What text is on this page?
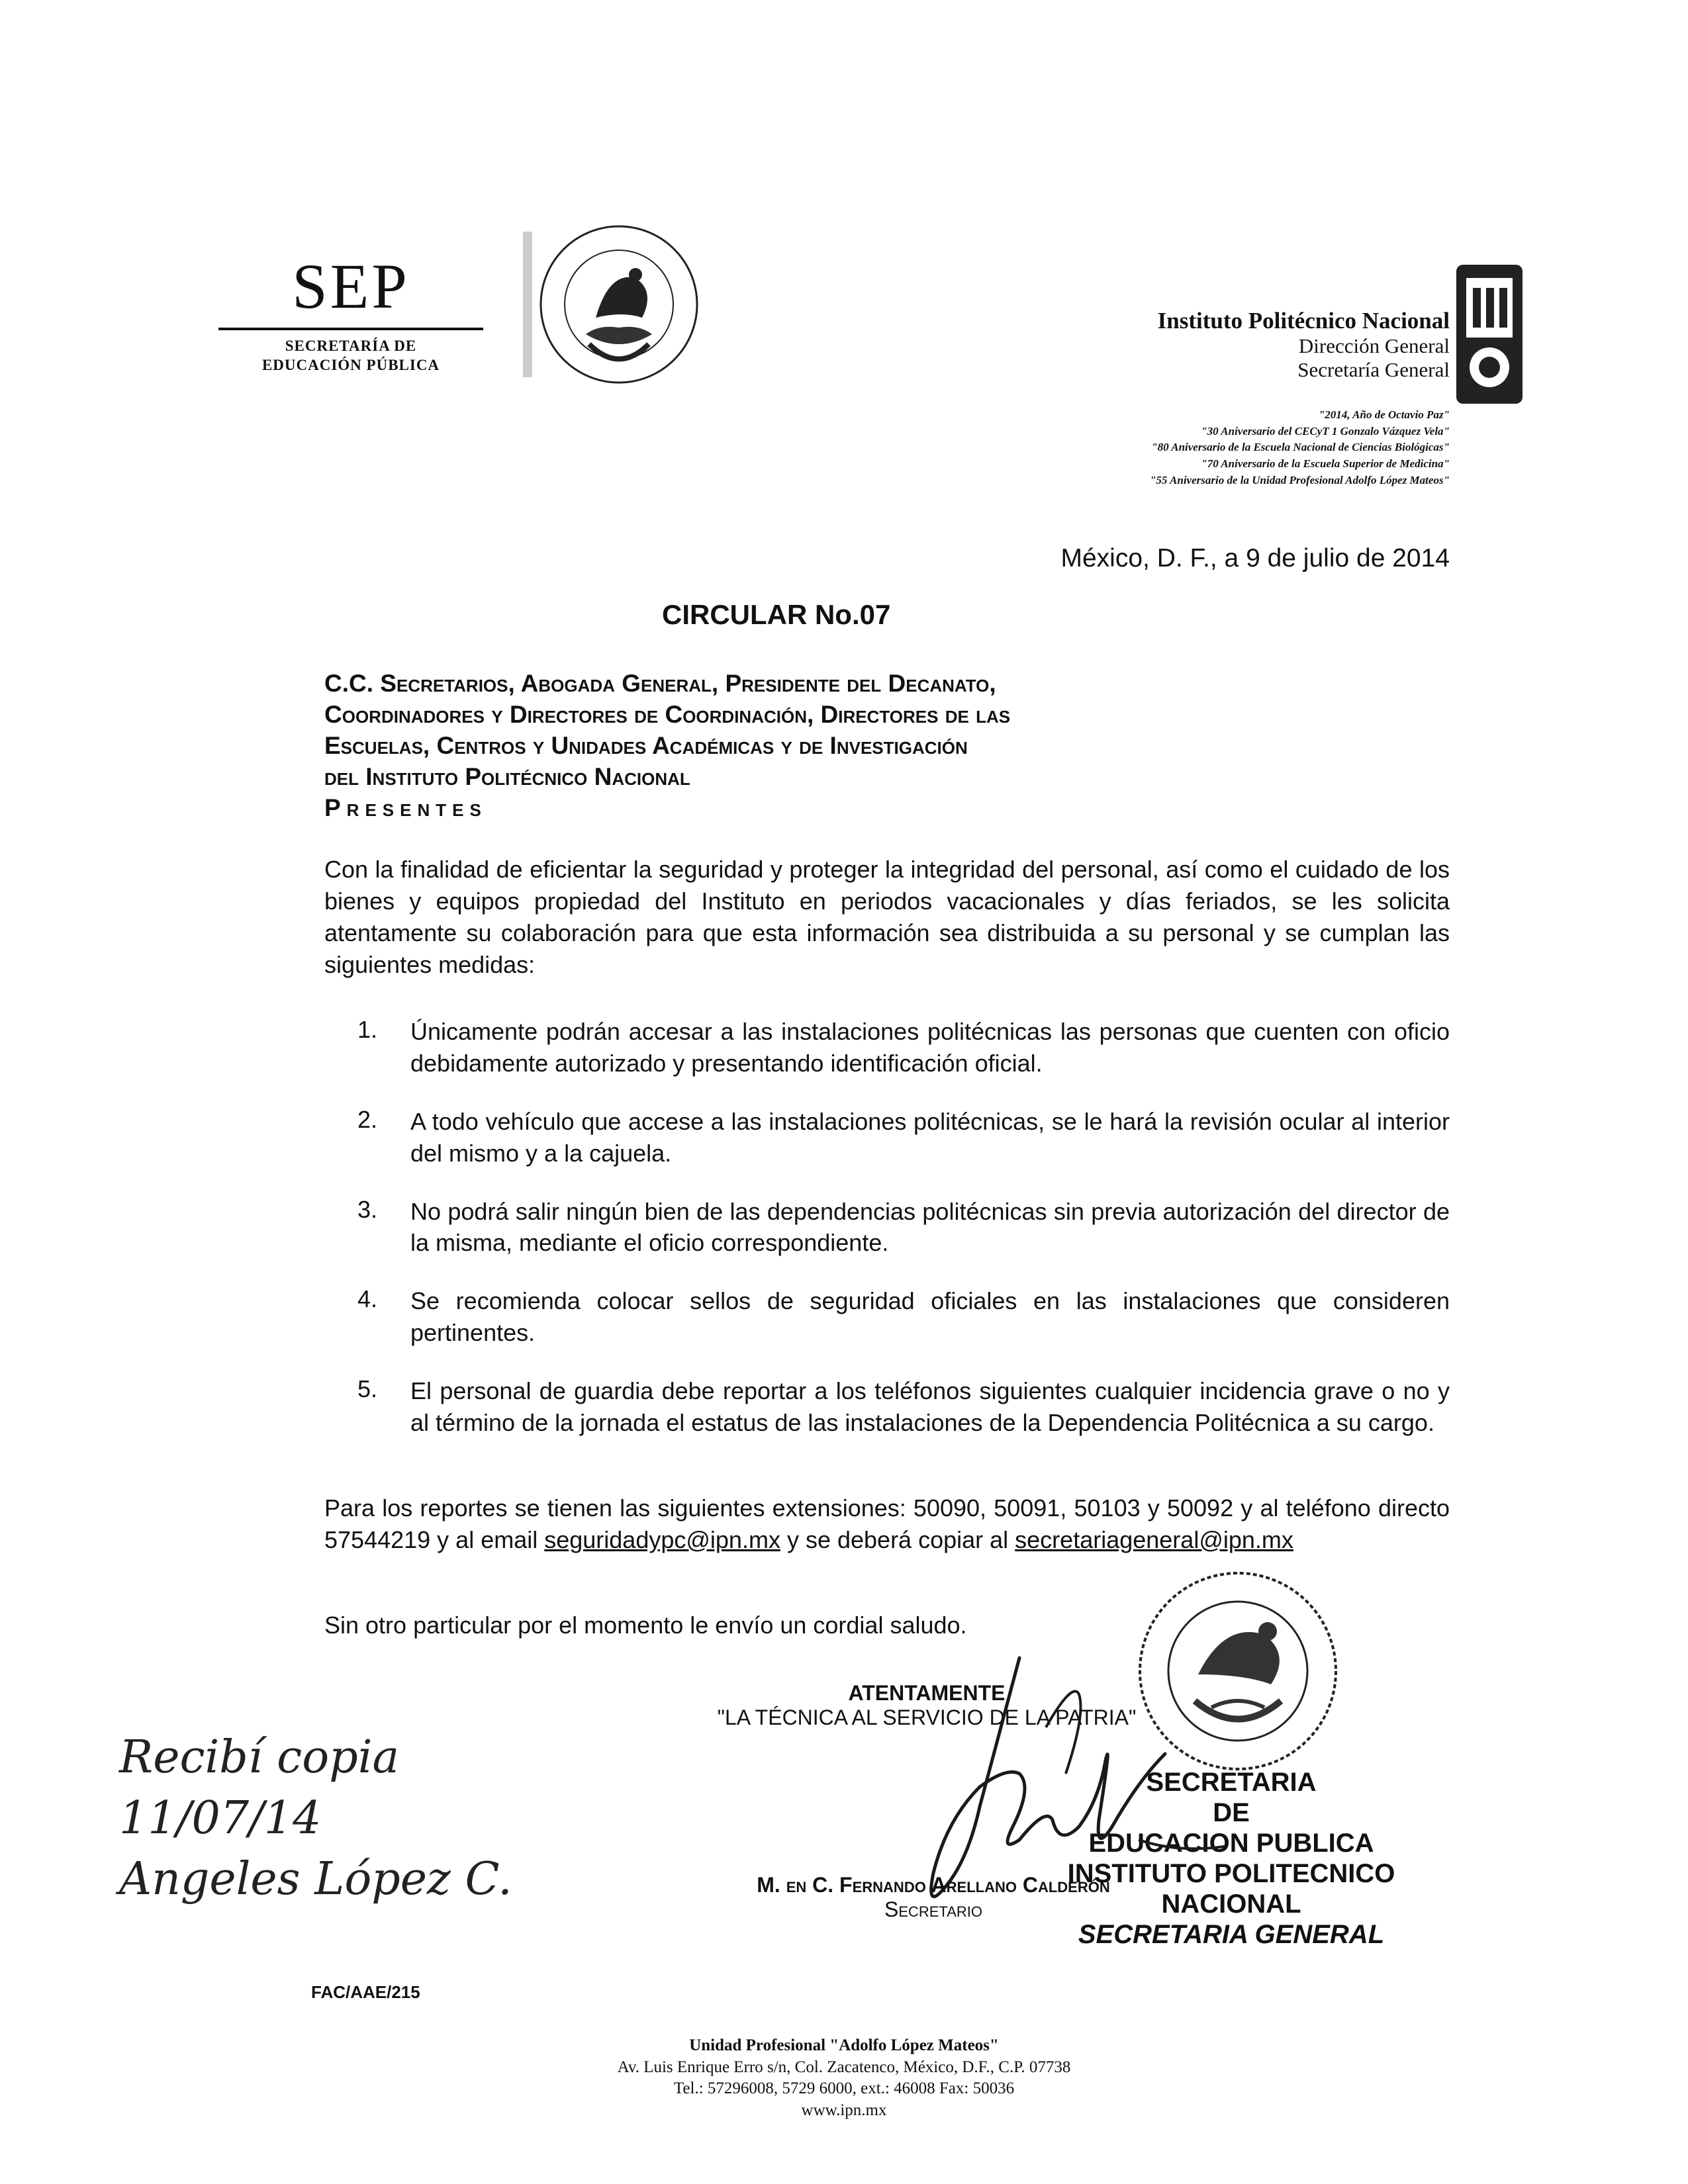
SEP
SECRETARÍA DE
EDUCACIÓN PÚBLICA
Instituto Politécnico Nacional
Dirección General
Secretaría General
"2014, Año de Octavio Paz"
"30 Aniversario del CECyT 1 Gonzalo Vázquez Vela"
"80 Aniversario de la Escuela Nacional de Ciencias Biológicas"
"70 Aniversario de la Escuela Superior de Medicina"
"55 Aniversario de la Unidad Profesional Adolfo López Mateos"
México, D. F., a 9 de julio de 2014
CIRCULAR No.07
C.C. Secretarios, Abogada General, Presidente del Decanato,
Coordinadores y Directores de Coordinación, Directores de las
Escuelas, Centros y Unidades Académicas y de Investigación
del Instituto Politécnico Nacional
Presentes
Con la finalidad de eficientar la seguridad y proteger la integridad del personal, así como el cuidado de los bienes y equipos propiedad del Instituto en periodos vacacionales y días feriados, se les solicita atentamente su colaboración para que esta información sea distribuida a su personal y se cumplan las siguientes medidas:
1. Únicamente podrán accesar a las instalaciones politécnicas las personas que cuenten con oficio debidamente autorizado y presentando identificación oficial.
2. A todo vehículo que accese a las instalaciones politécnicas, se le hará la revisión ocular al interior del mismo y a la cajuela.
3. No podrá salir ningún bien de las dependencias politécnicas sin previa autorización del director de la misma, mediante el oficio correspondiente.
4. Se recomienda colocar sellos de seguridad oficiales en las instalaciones que consideren pertinentes.
5. El personal de guardia debe reportar a los teléfonos siguientes cualquier incidencia grave o no y al término de la jornada el estatus de las instalaciones de la Dependencia Politécnica a su cargo.
Para los reportes se tienen las siguientes extensiones: 50090, 50091, 50103 y 50092 y al teléfono directo 57544219 y al email seguridadypc@ipn.mx y se deberá copiar al secretariageneral@ipn.mx
Sin otro particular por el momento le envío un cordial saludo.
ATENTAMENTE
"LA TÉCNICA AL SERVICIO DE LA PATRIA"
SECRETARIA
DE
EDUCACION PUBLICA
INSTITUTO POLITECNICO
NACIONAL
SECRETARIA GENERAL
M. en C. Fernando Arellano Calderón
Secretario
Recibí copia
11/07/14
Angeles López C.
FAC/AAE/215
Unidad Profesional "Adolfo López Mateos"
Av. Luis Enrique Erro s/n, Col. Zacatenco, México, D.F., C.P. 07738
Tel.: 57296008, 5729 6000, ext.: 46008 Fax: 50036
www.ipn.mx
